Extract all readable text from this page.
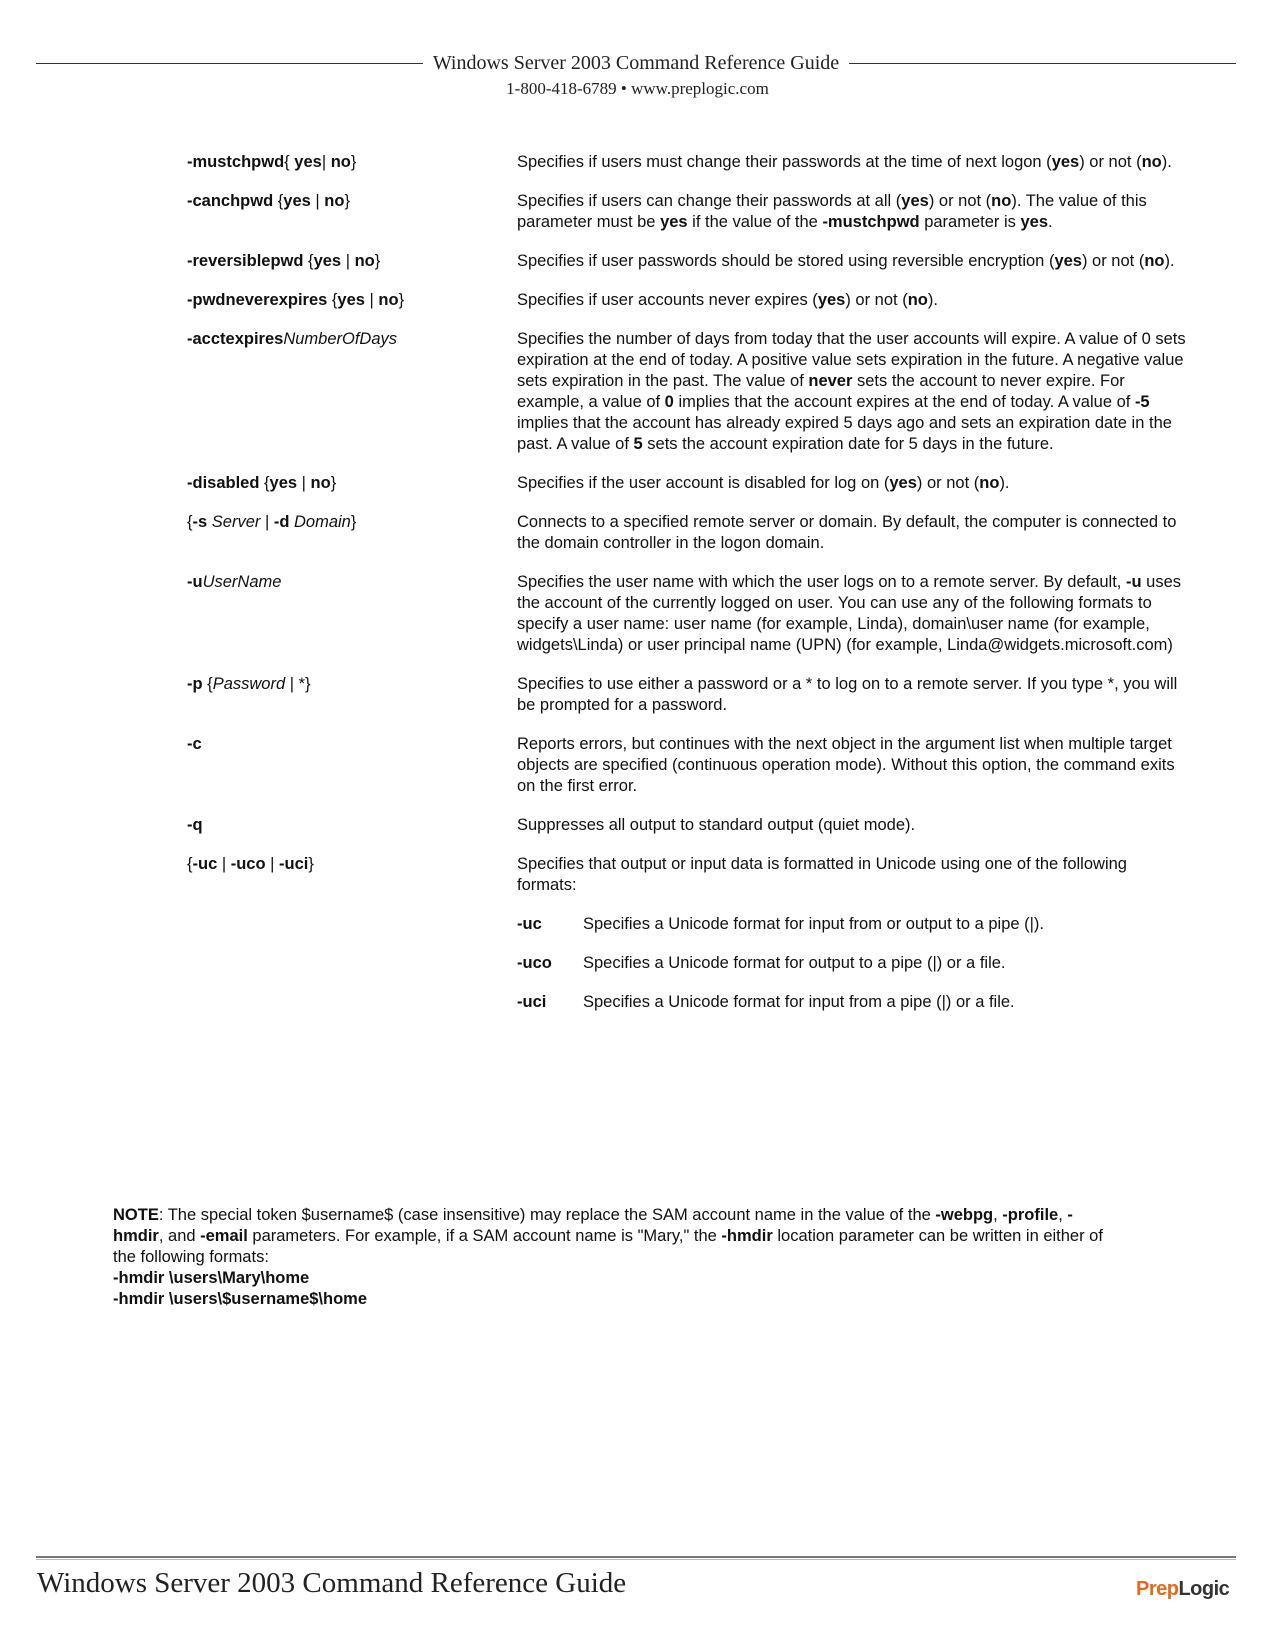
Windows Server 2003 Command Reference Guide
1-800-418-6789 • www.preplogic.com
-mustchpwd{ yes| no}	Specifies if users must change their passwords at the time of next logon (yes) or not (no).
-canchpwd {yes | no}	Specifies if users can change their passwords at all (yes) or not (no). The value of this parameter must be yes if the value of the -mustchpwd parameter is yes.
-reversiblepwd {yes | no}	Specifies if user passwords should be stored using reversible encryption (yes) or not (no).
-pwdneverexpires {yes | no}	Specifies if user accounts never expires (yes) or not (no).
-acctexpiresNumberOfDays	Specifies the number of days from today that the user accounts will expire. A value of 0 sets expiration at the end of today. A positive value sets expiration in the future. A negative value sets expiration in the past. The value of never sets the account to never expire. For example, a value of 0 implies that the account expires at the end of today. A value of -5 implies that the account has already expired 5 days ago and sets an expiration date in the past. A value of 5 sets the account expiration date for 5 days in the future.
-disabled {yes | no}	Specifies if the user account is disabled for log on (yes) or not (no).
{-s Server | -d Domain}	Connects to a specified remote server or domain. By default, the computer is connected to the domain controller in the logon domain.
-uUserName	Specifies the user name with which the user logs on to a remote server. By default, -u uses the account of the currently logged on user. You can use any of the following formats to specify a user name: user name (for example, Linda), domain\user name (for example, widgets\Linda) or user principal name (UPN) (for example, Linda@widgets.microsoft.com)
-p {Password | *}	Specifies to use either a password or a * to log on to a remote server. If you type *, you will be prompted for a password.
-c	Reports errors, but continues with the next object in the argument list when multiple target objects are specified (continuous operation mode). Without this option, the command exits on the first error.
-q	Suppresses all output to standard output (quiet mode).
{-uc | -uco | -uci}	Specifies that output or input data is formatted in Unicode using one of the following formats:
-uc	Specifies a Unicode format for input from or output to a pipe (|).
-uco	Specifies a Unicode format for output to a pipe (|) or a file.
-uci	Specifies a Unicode format for input from a pipe (|) or a file.
NOTE: The special token $username$ (case insensitive) may replace the SAM account name in the value of the -webpg, -profile, -hmdir, and -email parameters. For example, if a SAM account name is "Mary," the -hmdir location parameter can be written in either of the following formats:
-hmdir \users\Mary\home
-hmdir \users\$username$\home
Windows Server 2003 Command Reference Guide	PrepLogic
